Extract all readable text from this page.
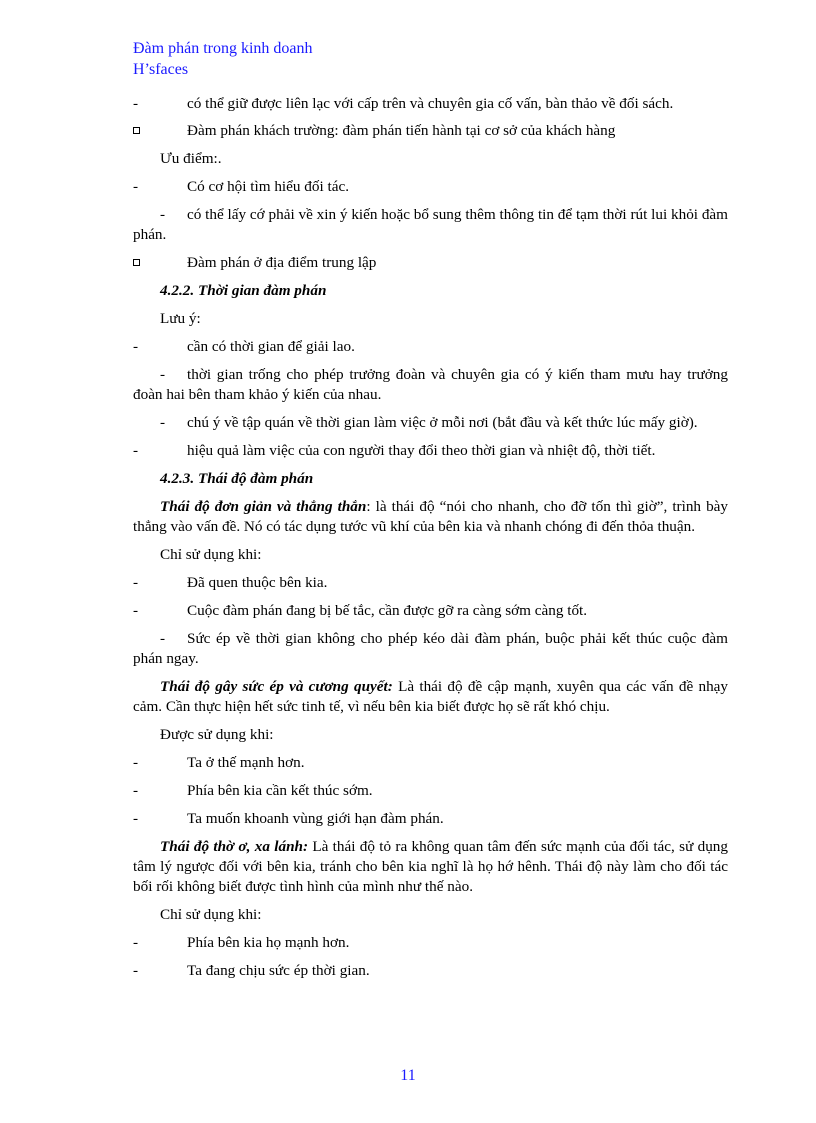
Đàm phán trong kinh doanh
H’sfaces

-	có thể giữ được liên lạc với cấp trên và chuyên gia cố vấn, bàn thảo về đối sách.

Đàm phán khách trường: đàm phán tiến hành tại cơ sở của khách hàng

Ưu điểm:.

-	Có cơ hội tìm hiểu đối tác.

- có thể lấy cớ phải về xin ý kiến hoặc bổ sung thêm thông tin để tạm thời rút lui khỏi đàm phán.

Đàm phán ở địa điểm trung lập

4.2.2. Thời gian đàm phán

Lưu ý:

-	cần có thời gian để giải lao.

- thời gian trống cho phép trưởng đoàn và chuyên gia có ý kiến tham mưu hay trưởng đoàn hai bên tham khảo ý kiến của nhau.

- chú ý về tập quán về thời gian làm việc ở mỗi nơi (bắt đầu và kết thức lúc mấy giờ).

-	hiệu quả làm việc của con người thay đổi theo thời gian và nhiệt độ, thời tiết.

4.2.3. Thái độ đàm phán

Thái độ đơn giản và thẳng thắn: là thái độ “nói cho nhanh, cho đỡ tốn thì giờ”, trình bày thẳng vào vấn đề. Nó có tác dụng tước vũ khí của bên kia và nhanh chóng đi đến thỏa thuận.

Chỉ sử dụng khi:

-	Đã quen thuộc bên kia.

-	Cuộc đàm phán đang bị bế tắc, cần được gỡ ra càng sớm càng tốt.

- Sức ép về thời gian không cho phép kéo dài đàm phán, buộc phải kết thúc cuộc đàm phán ngay.

Thái độ gây sức ép và cương quyết: Là thái độ đề cập mạnh, xuyên qua các vấn đề nhạy cảm. Cần thực hiện hết sức tinh tế, vì nếu bên kia biết được họ sẽ rất khó chịu.

Được sử dụng khi:

-	Ta ở thế mạnh hơn.

-	Phía bên kia cần kết thúc sớm.

-	Ta muốn khoanh vùng giới hạn đàm phán.

Thái độ thờ ơ, xa lánh: Là thái độ tỏ ra không quan tâm đến sức mạnh của đối tác, sử dụng tâm lý ngược đối với bên kia, tránh cho bên kia nghĩ là họ hớ hênh. Thái độ này làm cho đối tác bối rối không biết được tình hình của mình như thế nào.

Chỉ sử dụng khi:

-	Phía bên kia họ mạnh hơn.

-	Ta đang chịu sức ép thời gian.

11
